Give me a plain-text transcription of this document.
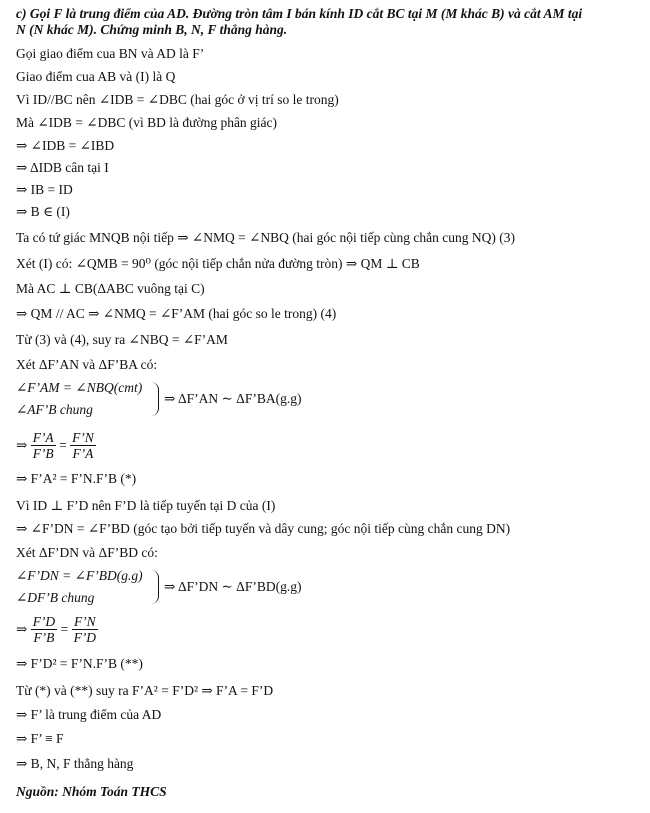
c) Gọi F là trung điểm của AD. Đường tròn tâm I bán kính ID cắt BC tại M (M khác B) và cắt AM tại
N (N khác M). Chứng minh B, N, F thẳng hàng.
Gọi giao điểm cua BN và AD là F’
Giao điểm cua AB và (I) là Q
Vì ID//BC nên ∠IDB = ∠DBC (hai góc ở vị trí so le trong)
Mà ∠IDB = ∠DBC (vì BD là đường phân giác)
⇒ ∠IDB = ∠IBD
⇒ ΔIDB cân tại I
⇒ IB = ID
⇒ B ∈ (I)
Ta có tứ giác MNQB nội tiếp ⇒ ∠NMQ = ∠NBQ (hai góc nội tiếp cùng chắn cung NQ) (3)
Xét (I) có: ∠QMB = 90⁰ (góc nội tiếp chắn nửa đường tròn) ⇒ QM ⊥ CB
Mà AC ⊥ CB(ΔABC vuông tại C)
⇒ QM // AC ⇒ ∠NMQ = ∠F’AM (hai góc so le trong) (4)
Từ (3) và (4), suy ra ∠NBQ = ∠F’AM
Xét ΔF’AN và ΔF’BA có:
∠F’AM = ∠NBQ(cmt)
∠AF’B chung
⇒ ΔF’AN ∼ ΔF’BA(g.g)
⇒ $\frac{F’A}{F’B} = \frac{F’N}{F’A}$
⇒ F’A² = F’N.F’B (*)
Vì ID ⊥ F’D nên F’D là tiếp tuyến tại D của (I)
⇒ ∠F’DN = ∠F’BD (góc tạo bởi tiếp tuyến và dây cung; góc nội tiếp cùng chắn cung DN)
Xét ΔF’DN và ΔF’BD có:
∠F’DN = ∠F’BD(g.g)
∠DF’B chung
⇒ ΔF’DN ∼ ΔF’BD(g.g)
⇒ $\frac{F’D}{F’B} = \frac{F’N}{F’D}$
⇒ F’D² = F’N.F’B (**)
Từ (*) và (**) suy ra F’A² = F’D² ⇒ F’A = F’D
⇒ F’ là trung điểm của AD
⇒ F’ ≡ F
⇒ B, N, F thẳng hàng
Nguồn: Nhóm Toán THCS
